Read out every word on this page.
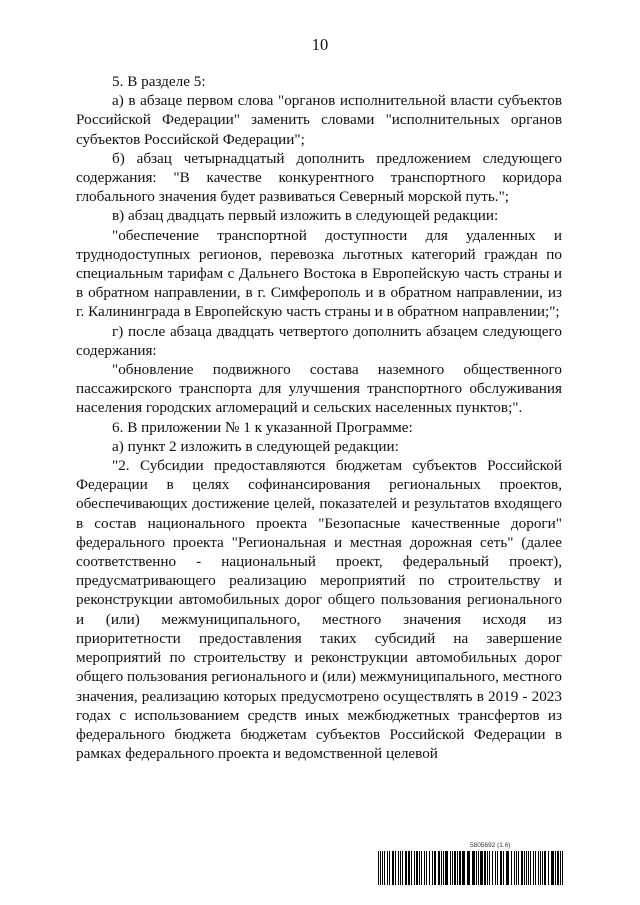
10

5. В разделе 5:

а) в абзаце первом слова "органов исполнительной власти субъектов Российской Федерации" заменить словами "исполнительных органов субъектов Российской Федерации";

б) абзац четырнадцатый дополнить предложением следующего содержания: "В качестве конкурентного транспортного коридора глобального значения будет развиваться Северный морской путь.";

в) абзац двадцать первый изложить в следующей редакции:

"обеспечение транспортной доступности для удаленных и труднодоступных регионов, перевозка льготных категорий граждан по специальным тарифам с Дальнего Востока в Европейскую часть страны и в обратном направлении, в г. Симферополь и в обратном направлении, из г. Калининграда в Европейскую часть страны и в обратном направлении;";

г) после абзаца двадцать четвертого дополнить абзацем следующего содержания:

"обновление подвижного состава наземного общественного пассажирского транспорта для улучшения транспортного обслуживания населения городских агломераций и сельских населенных пунктов;".

6. В приложении № 1 к указанной Программе:

а) пункт 2 изложить в следующей редакции:

"2. Субсидии предоставляются бюджетам субъектов Российской Федерации в целях софинансирования региональных проектов, обеспечивающих достижение целей, показателей и результатов входящего в состав национального проекта "Безопасные качественные дороги" федерального проекта "Региональная и местная дорожная сеть" (далее соответственно - национальный проект, федеральный проект), предусматривающего реализацию мероприятий по строительству и реконструкции автомобильных дорог общего пользования регионального и (или) межмуниципального, местного значения исходя из приоритетности предоставления таких субсидий на завершение мероприятий по строительству и реконструкции автомобильных дорог общего пользования регионального и (или) межмуниципального, местного значения, реализацию которых предусмотрено осуществлять в 2019 - 2023 годах с использованием средств иных межбюджетных трансфертов из федерального бюджета бюджетам субъектов Российской Федерации в рамках федерального проекта и ведомственной целевой

5805692 (1.6)
